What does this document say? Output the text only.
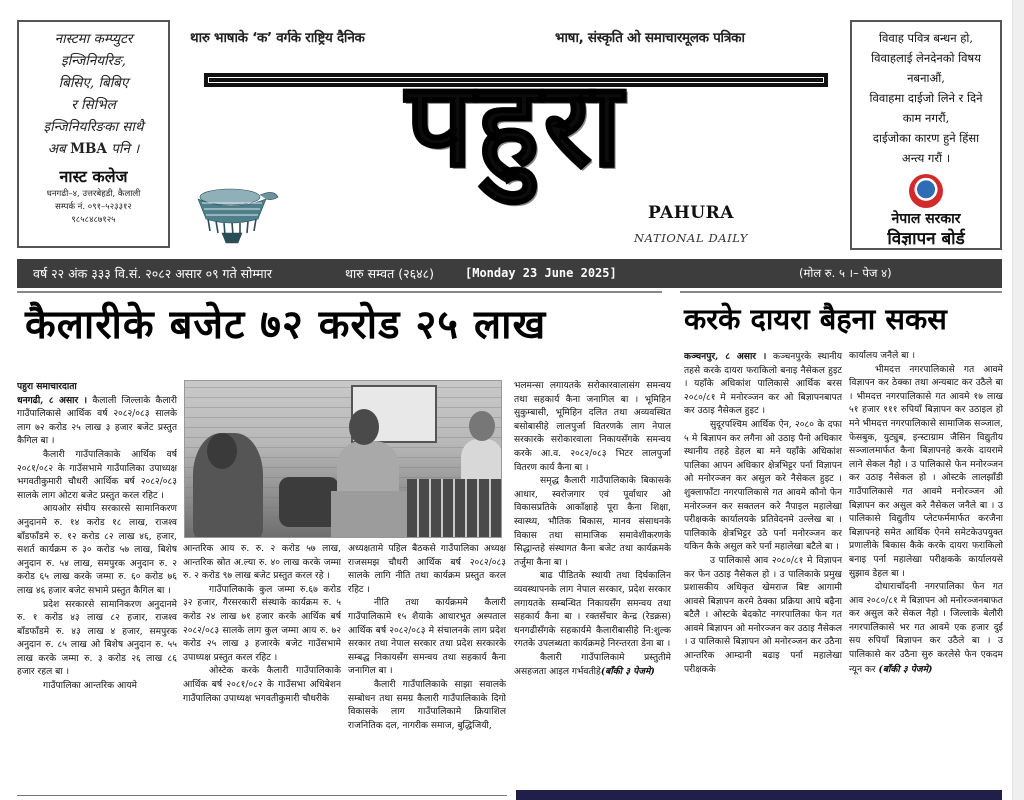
नास्टमा कम्प्युटर
इन्जिनियरिङ,
बिसिए, बिबिए
र सिभिल
इन्जिनियरिङका साथै
अब MBA पनि ।
नास्ट कलेज
धनगढी–४, उत्तरबेहडी, कैलाली
सम्पर्क नं. ०९१–५२३३१२
९८५८४८७१२५
थारु भाषाके ‘क’ वर्गके राष्ट्रिय दैनिक	भाषा, संस्कृति ओ समाचारमूलक पत्रिका
पहुरा
PAHURA
NATIONAL DAILY
विवाह पवित्र बन्धन हो,
विवाहलाई लेनदेनको विषय
नबनाऔं,
विवाहमा दाईजो लिने र दिने
काम नगरौं,
दाईजोका कारण हुने हिंसा
अन्त्य गरौं ।
नेपाल सरकार
विज्ञापन बोर्ड
वर्ष २२ अंक ३३३ वि.सं. २०८२ असार ०९ गते सोम्मार	थारु सम्वत (२६४८)	[Monday 23 June 2025]	(मोल रु. ५ ।– पेज ४)
कैलारीके बजेट ७२ करोड २५ लाख	करके दायरा बैहना सकस

पहुरा समाचारदाता

धनगढी, ८ असार । कैलाली जिल्लाके कैलारी गाउँपालिकासे आर्थिक वर्ष २०८२/०८३ सालके लाग ७२ करोड २५ लाख ३ हजार बजेट प्रस्तुत कैगिल बा ।

कैलारी गाउँपालिकाके आर्थिक वर्ष २०८१/०८२ के गाउँसभामे गाउँपालिका उपाध्यक्ष भगवतीकुमारी चौधरी आर्थिक बर्ष २०८२/०८३ सालके लाग ओटरा बजेट प्रस्तुत करल रहिट ।

आयओर संघीय सरकारसे सामानिकरण अनुदानमे रु. १४ करोड १८ लाख, राजश्व बाँडफाँडमे रु. १२ करोड ८२ लाख ४६, हजार, सशर्त कार्यक्रम रु ३० करोड ५७ लाख, बिशेष अनुदान रु. ५४ लाख, समपुरक अनुदान रु. २ करोड ६५ लाख करके जम्मा रु. ६० करोड ७६ लाख ४६ हजार बजेट सभामे प्रस्तुत कैगिल बा ।

प्रदेश सरकारसे सामानिकरण अनुदानमे रु. १ करोड ४३ लाख ८२ हजार, राजश्व बाँडफाँडमे रु. ४३ लाख ४ हजार, समपुरक अनुदान रु. ८५ लाख ओ बिशेष अनुदान रु. ५५ लाख करके जम्मा रु. ३ करोड २६ लाख ८६ हजार रहल बा ।

गाउँपालिका आन्तरिक आयमे

आन्तरिक आय रु. रु. २ करोड ५७ लाख, आन्तरिक स्रोत अ.ल्या रु. ४० लाख करके जम्मा रु. २ करोड ९७ लाख बजेट प्रस्तुत करल रहे ।

गाउँपालिकाके कुल जम्मा रु.६७ करोड ३२ हजार, गैरसरकारी संस्थाके कार्यक्रम रु. ५ करोड २४ लाख ७१ हजार करके आर्थिक बर्ष २०८२/०८३ सालके लाग कुल जम्मा आय रु. ७२ करोड २५ लाख ३ हजारके बजेट गाउँसभामे उपाध्यक्ष प्रस्तुत करल रहिट ।

ओस्टेक करके कैलारी गाउँपालिकाके आर्थिक बर्ष २०८१/०८२ के गाउँसभा अधिबेशन गाउँपालिका उपाध्यक्ष भगवतीकुमारी चौधरीके

अध्यक्षतामे पहिल बैठकसे गाउँपालिका अध्यक्ष राजसमझ चौधरी आर्थिक बर्ष २०८२/०८३ सालके लागि नीति तथा कार्यक्रम प्रस्तुत करल रहिट ।

नीति तथा कार्यक्रममे कैलारी गाउँपालिकामे १५ शैयाके आधारभुत अस्पताल आर्थिक बर्ष २०८२/०८३ मे संचालनके लाग प्रदेश सरकार तथा नेपाल सरकार तथा प्रदेश सरकारके सम्बद्ध निकायसँग समन्वय तथा सहकार्य कैना जनागिल बा ।

कैलारी गाउँपालिकाके साझा सवालके सम्बोधन तथा समग्र कैलारी गाउँपालिकाके दिगो विकासके लाग गाउँपालिकामे क्रियाशिल राजनितिक दल, नागरीक समाज, बुद्धिजियी,

भलमन्सा लगायतके सरोकारवालासंग समन्वय तथा सहकार्य कैना जनागिल बा । भूमिहिन सुकुम्बासी, भूमिहिन दलित तथा अव्यवस्थित बसोबासीहे लालपुर्जा वितरणके लाग नेपाल सरकारके सरोकारवाला निकायसँगके समन्वय करके आ.व. २०८२/०८३ भिटर लालपुर्जा वितरण कार्य कैना बा ।

समृद्ध कैलारी गाउँपालिकाके बिकासके आधार, स्वरोजगार एवं पूर्वाधार ओ विकासप्रतिके आकाँक्षाहे पूरा कैना शिक्षा, स्वास्थ्य, भौतिक बिकास, मानव संसाधनके विकास तथा सामाजिक समावेशीकरणके सिद्धान्तहे संस्थागत कैना बजेट तथा कार्यक्रमके तर्जुमा कैना बा ।

बाढ पीडितके स्थायी तथा दिर्घकालिन व्यवस्थापनके लाग नेपाल सरकार, प्रदेश सरकार लगायतके सम्बन्धित निकायसँग समन्वय तथा सहकार्य कैना बा । रक्तसँचार केन्द्र (रेडक्रस) धनगढीसँगके सहकार्यमे कैलारीबासीहे नि:शुल्क रगतके उपलब्धता कार्यक्रमहे निरन्तरता डेना बा ।

कैलारी गाउँपालिकामे प्रस्तुतीमे असहजता आइल गर्भवतीहे(बाँकी ३ पेजमे)

कञ्चनपुर, ८ असार । कञ्चनपुरके स्थानीय तहसे करके दायरा फराकिलो बनाइ नैसेकल हुइट । यहाँके अधिकांश पालिकासे आर्थिक बरस २०८०/८१ मे मनोरञ्जन कर ओ बिज्ञापनबापत कर उठाइ नैसेकल हुइट ।

सुदूरपश्चिम आर्थिक ऐन, २०८० के दफा ५ मे बिज्ञापन कर लगैना ओ उठाइ पैनो अधिकार स्थानीय तहहे डेहल बा मने यहाँके अधिकांश पालिका आपन अधिकार क्षेत्रभिट्टर पर्ना विज्ञापन ओ मनोरञ्जन कर असुल करे नैसेकल हुइट । शुक्लाफाँटा नगरपालिकासे गत आवमे कौनो फेन मनोरञ्जन कर सक्तलन करे नैपाइल महालेखा परीक्षकके कार्यालयके प्रतिवेदनमे उल्लेख बा । पालिकाके क्षेत्रभिट्टर उठे पर्ना मनोरञ्जन कर यकिन कैके असुल करे पर्ना महालेखा बटैले बा ।

उ पालिकासे आव २०८०/८१ मे विज्ञापन कर फेन उठाइ नैसेकल हो । उ पालिकाके प्रमुख प्रशासकीय अधिकृत खेमराज बिष्ट आगामी आवसे बिज्ञापन करमे ठेक्का प्रक्रिया आघे बढ़ैना बटैलै । ओस्टके बेदकोट नगरपालिका फेन गत आवमे बिज्ञापन ओ मनोरञ्जन कर उठाइ नैसेकल । उ पालिकासे बिज्ञापन ओ मनोरञ्जन कर उठैना आन्तरिक आम्दानी बढाइ पर्ना महालेखा परीक्षकके

कार्यालय जनैले बा ।

भीमदत्त नगरपालिकासे गत आवमे विज्ञापन कर ठेक्का तथा अन्यबाट कर उठैले बा । भीमदत्त नगरपालिकासे गत आवमे १७ लाख ५१ हजार १११ रुपियाँ बिज्ञापन कर उठाइल हो मने भीमदत्त नगरपालिकासे सामाजिक सञ्जाल, फेसबुक, युट्युब, इन्स्टाग्राम जैसिन विद्युतीय सञ्जालमार्फत कैना बिज्ञापनहे करके दायरामे लाने सेकल नैहो । उ पालिकासे फेन मनोरञ्जन कर उठाइ नैसेकल हो । ओस्टके लालझाँडी गाउँपालिकासे गत आवमे मनोरञ्जन ओ बिज्ञापन कर असुल करे नैसेकल जनैले बा । उ पालिकासे विद्युतीय प्लेटफर्ममार्फत करजैना बिज्ञापनहे समेत आर्थिक ऐनमे समेटकेउपयुक्त प्रणालीके बिकास कैके करके दायरा फराकिलो बनाइ पर्ना महालेखा परीक्षकके कार्यालयसे सुझाव डेहल बा ।

दोधाराचाँदनी नगरपालिका फेन गत आव २०८०/८१ मे बिज्ञापन ओ मनोरञ्जनबाफत कर असुल करे सेकल नैहो । जिल्लाके बेलौरी नगरपालिकासे भर गत आवमे एक हजार दुई सय रुपियाँ बिज्ञापन कर उठैले बा । उ पालिकासे कर उठैना सुरु करलेसे फेन एकदम न्यून कर (बाँकी ३ पेजमे)
